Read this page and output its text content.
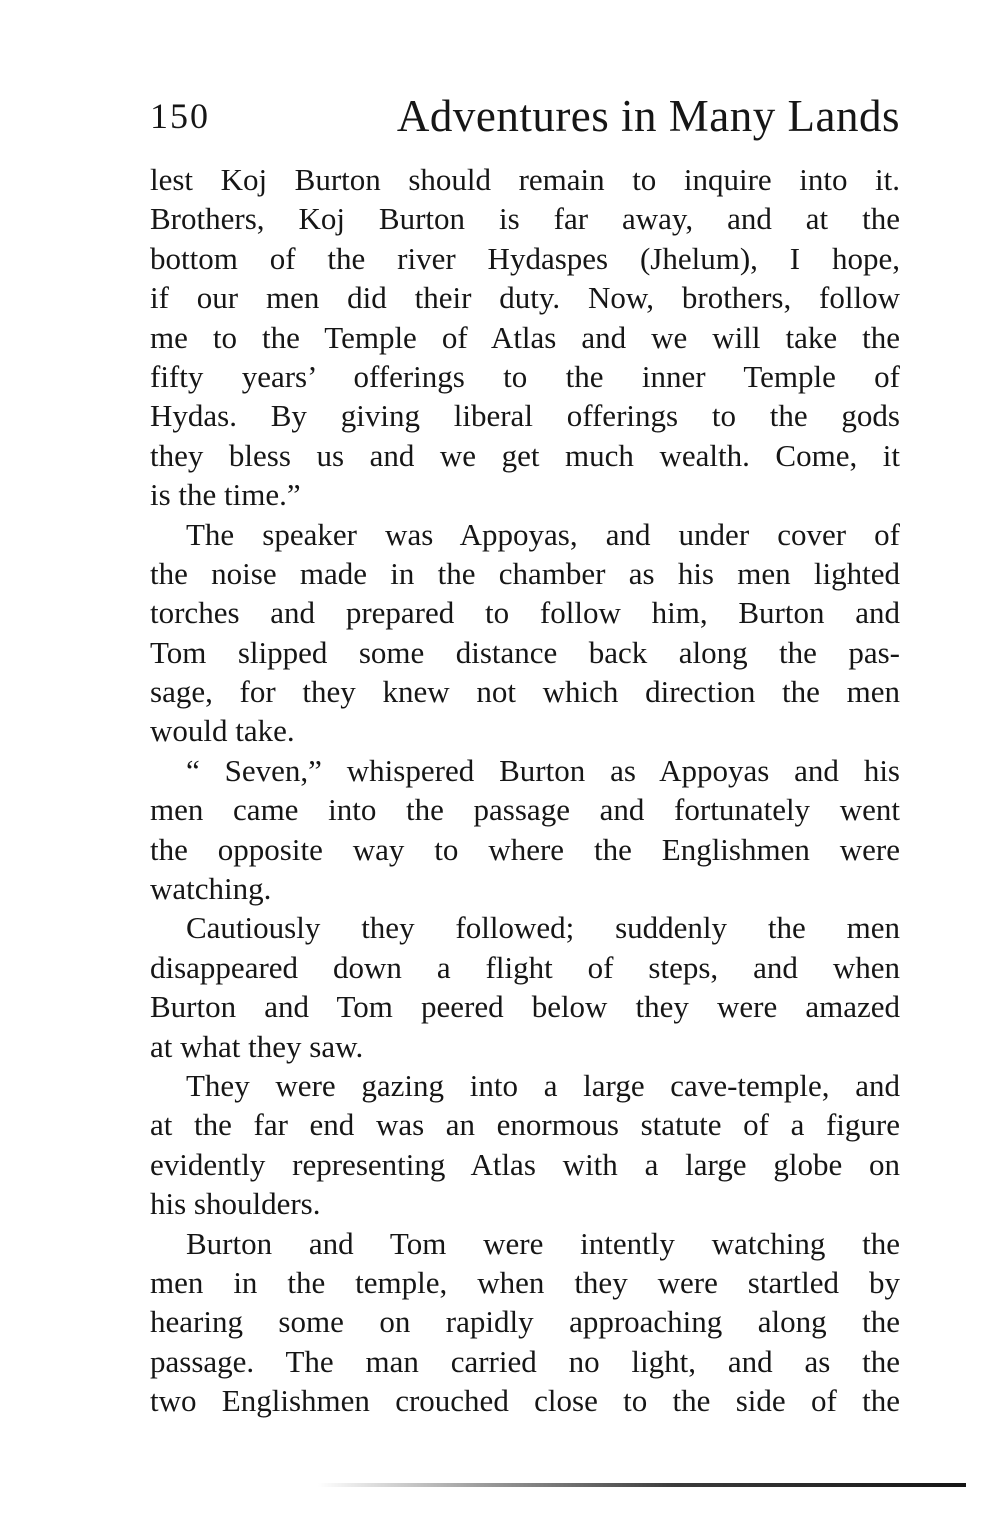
150	Adventures in Many Lands
lest Koj Burton should remain to inquire into it.
Brothers, Koj Burton is far away, and at the
bottom of the river Hydaspes (Jhelum), I hope,
if our men did their duty. Now, brothers, follow
me to the Temple of Atlas and we will take the
fifty years’ offerings to the inner Temple of
Hydas. By giving liberal offerings to the gods
they bless us and we get much wealth. Come, it
is the time.”
The speaker was Appoyas, and under cover of
the noise made in the chamber as his men lighted
torches and prepared to follow him, Burton and
Tom slipped some distance back along the pas-
sage, for they knew not which direction the men
would take.
“ Seven,” whispered Burton as Appoyas and his
men came into the passage and fortunately went
the opposite way to where the Englishmen were
watching.
Cautiously they followed; suddenly the men
disappeared down a flight of steps, and when
Burton and Tom peered below they were amazed
at what they saw.
They were gazing into a large cave-temple, and
at the far end was an enormous statute of a figure
evidently representing Atlas with a large globe on
his shoulders.
Burton and Tom were intently watching the
men in the temple, when they were startled by
hearing some on rapidly approaching along the
passage. The man carried no light, and as the
two Englishmen crouched close to the side of the
